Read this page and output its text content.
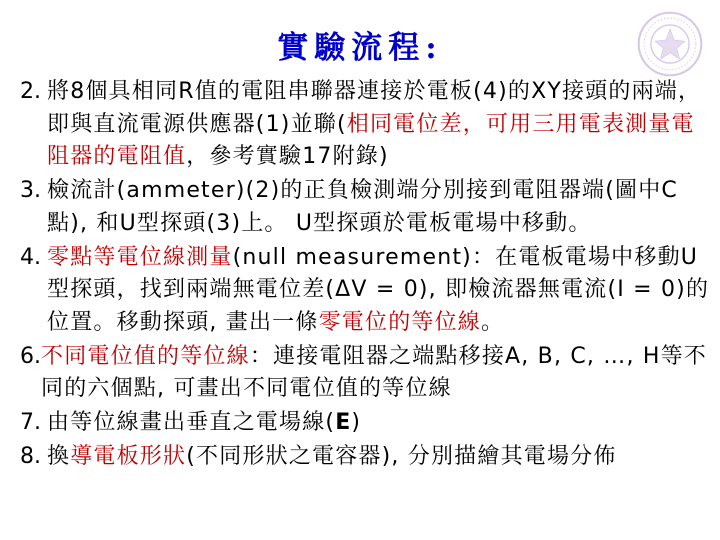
實驗流程:
2. 將8個具相同R值的電阻串聯器連接於電板(4)的XY接頭的兩端，即與直流電源供應器(1)並聯(相同電位差，可用三用電表測量電阻器的電阻值，參考實驗17附錄)
3. 檢流計(ammeter)(2)的正負檢測端分別接到電阻器端(圖中C點), 和U型探頭(3)上。 U型探頭於電板電場中移動。
4. 零點等電位線測量(null measurement)：在電板電場中移動U型探頭，找到兩端無電位差(ΔV = 0), 即檢流器無電流(I = 0)的位置。移動探頭, 畫出一條零電位的等位線。
6. 不同電位值的等位線：連接電阻器之端點移接A, B, C, …, H等不同的六個點, 可畫出不同電位值的等位線
7. 由等位線畫出垂直之電場線(E)
8. 換導電板形狀(不同形狀之電容器), 分別描繪其電場分佈
